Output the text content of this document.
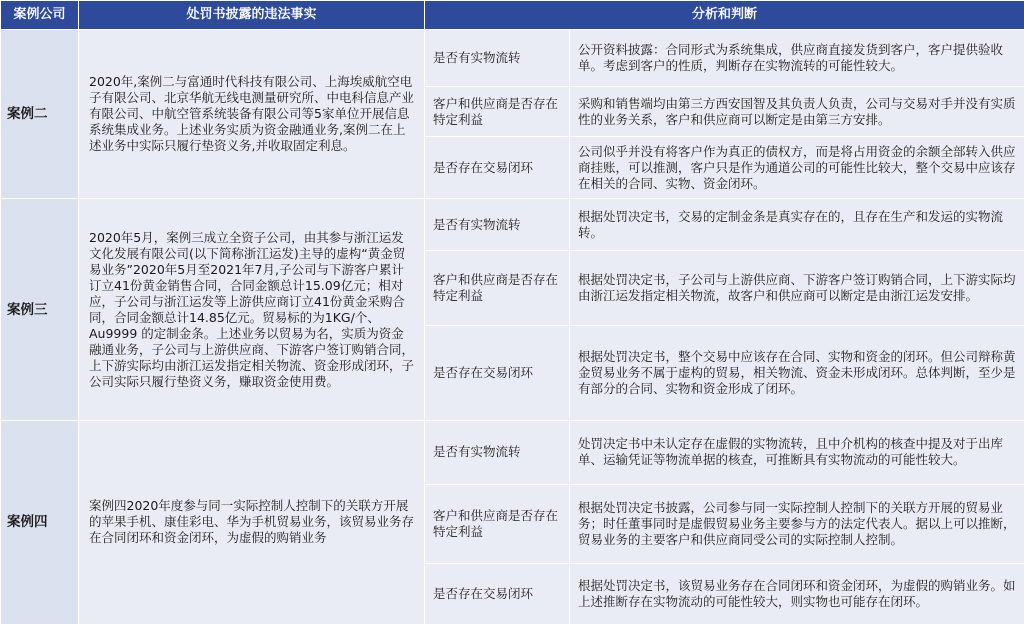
案例公司	处罚书披露的违法事实	分析和判断	
案例二	2020年,案例二与富通时代科技有限公司、上海埃威航空电子有限公司、北京华航无线电测量研究所、中电科信息产业有限公司、中航空管系统装备有限公司等5家单位开展信息系统集成业务。上述业务实质为资金融通业务,案例二在上述业务中实际只履行垫资义务,并收取固定利息。	是否有实物流转	公开资料披露：合同形式为系统集成，供应商直接发货到客户，客户提供验收单。考虑到客户的性质，判断存在实物流转的可能性较大。
		客户和供应商是否存在特定利益	采购和销售端均由第三方西安国智及其负责人负责，公司与交易对手并没有实质性的业务关系，客户和供应商可以断定是由第三方安排。
		是否存在交易闭环	公司似乎并没有将客户作为真正的债权方，而是将占用资金的余额全部转入供应商挂账，可以推测，客户只是作为通道公司的可能性比较大，整个交易中应该存在相关的合同、实物、资金闭环。
案例三	2020年5月，案例三成立全资子公司，由其参与浙江运发文化发展有限公司(以下简称浙江运发)主导的虚构“黄金贸易业务”2020年5月至2021年7月,子公司与下游客户累计订立41份黄金销售合同，合同金额总计15.09亿元；相对应，子公司与浙江运发等上游供应商订立41份黄金采购合同，合同金额总计14.85亿元。贸易标的为1KG/个、Au9999 的定制金条。上述业务以贸易为名，实质为资金融通业务，子公司与上游供应商、下游客户签订购销合同，上下游实际均由浙江运发指定相关物流、资金形成闭环，子公司实际只履行垫资义务，赚取资金使用费。	是否有实物流转	根据处罚决定书，交易的定制金条是真实存在的，且存在生产和发运的实物流转。
		客户和供应商是否存在特定利益	根据处罚决定书，子公司与上游供应商、下游客户签订购销合同，上下游实际均由浙江运发指定相关物流，故客户和供应商可以断定是由浙江运发安排。
		是否存在交易闭环	根据处罚决定书，整个交易中应该存在合同、实物和资金的闭环。但公司辩称黄金贸易业务不属于虚构的贸易，相关物流、资金未形成闭环。总体判断，至少是有部分的合同、实物和资金形成了闭环。
案例四	案例四2020年度参与同一实际控制人控制下的关联方开展的苹果手机、康佳彩电、华为手机贸易业务，该贸易业务存在合同闭环和资金闭环，为虚假的购销业务	是否有实物流转	处罚决定书中未认定存在虚假的实物流转，且中介机构的核查中提及对于出库单、运输凭证等物流单据的核查，可推断具有实物流动的可能性较大。
		客户和供应商是否存在特定利益	根据处罚决定书披露，公司参与同一实际控制人控制下的关联方开展的贸易业务；时任董事同时是虚假贸易业务主要参与方的法定代表人。据以上可以推断，贸易业务的主要客户和供应商同受公司的实际控制人控制。
		是否存在交易闭环	根据处罚决定书，该贸易业务存在合同闭环和资金闭环，为虚假的购销业务。如上述推断存在实物流动的可能性较大，则实物也可能存在闭环。
